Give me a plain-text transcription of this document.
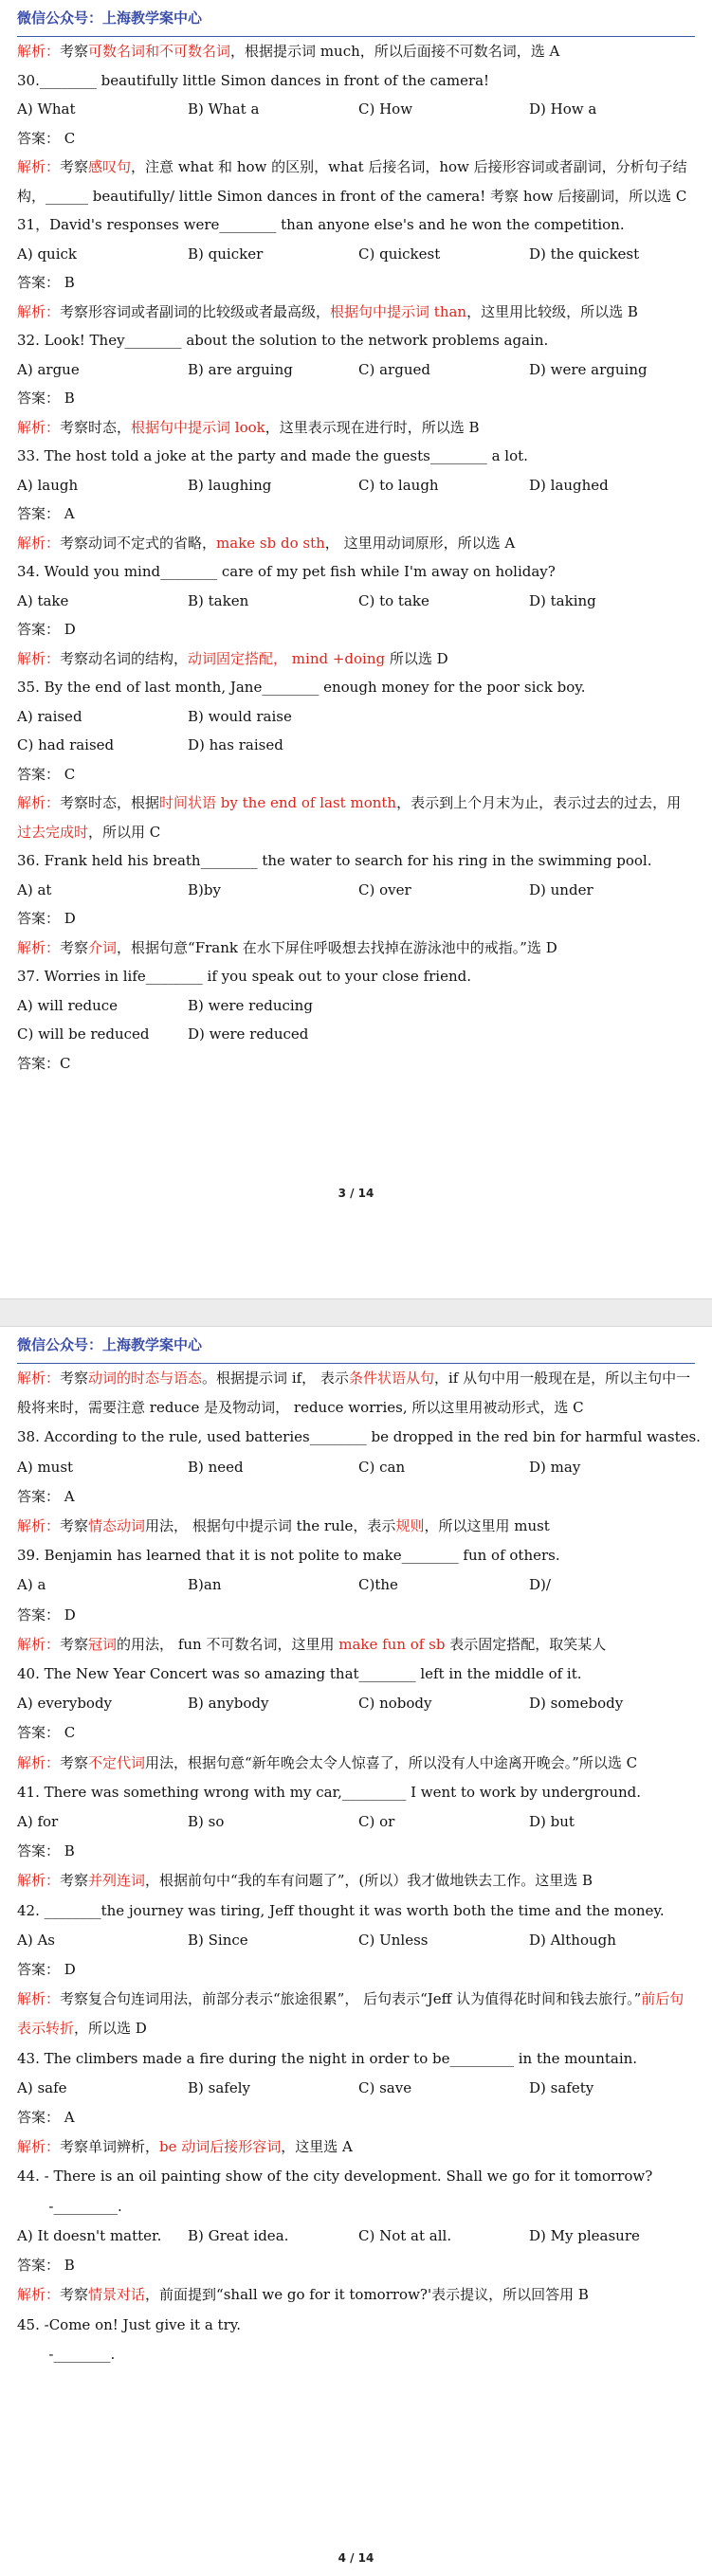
微信公众号：上海教学案中心
解析：考察可数名词和不可数名词，根据提示词 much，所以后面接不可数名词，选 A
30.________ beautifully little Simon dances in front of the camera!
A) What	B) What a	C) How	D) How a
答案： C
解析：考察感叹句，注意 what 和 how 的区别，what 后接名词，how 后接形容词或者副词，分析句子结构，______ beautifully/ little Simon dances in front of the camera! 考察 how 后接副词，所以选 C
31，David's responses were________ than anyone else's and he won the competition.
A) quick	B) quicker	C) quickest	D) the quickest
答案： B
解析：考察形容词或者副词的比较级或者最高级，根据句中提示词 than，这里用比较级，所以选 B
32. Look! They________ about the solution to the network problems again.
A) argue	B) are arguing	C) argued	D) were arguing
答案： B
解析：考察时态，根据句中提示词 look，这里表示现在进行时，所以选 B
33. The host told a joke at the party and made the guests________ a lot.
A) laugh	B) laughing	C) to laugh	D) laughed
答案： A
解析：考察动词不定式的省略，make sb do sth， 这里用动词原形，所以选 A
34. Would you mind________ care of my pet fish while I'm away on holiday?
A) take	B) taken	C) to take	D) taking
答案： D
解析：考察动名词的结构，动词固定搭配， mind +doing 所以选 D
35. By the end of last month, Jane________ enough money for the poor sick boy.
A) raised	B) would raise
C) had raised	D) has raised
答案： C
解析：考察时态，根据时间状语 by the end of last month，表示到上个月末为止，表示过去的过去，用过去完成时，所以用 C
36. Frank held his breath________ the water to search for his ring in the swimming pool.
A) at	B)by	C) over	D) under
答案： D
解析：考察介词，根据句意“Frank 在水下屏住呼吸想去找掉在游泳池中的戒指。”选 D
37. Worries in life________ if you speak out to your close friend.
A) will reduce	B) were reducing
C) will be reduced	D) were reduced
答案：C
3 / 14
微信公众号：上海教学案中心
解析：考察动词的时态与语态。根据提示词 if， 表示条件状语从句，if 从句中用一般现在是，所以主句中一般将来时，需要注意 reduce 是及物动词， reduce worries, 所以这里用被动形式，选 C
38. According to the rule, used batteries________ be dropped in the red bin for harmful wastes.
A) must	B) need	C) can	D) may
答案： A
解析：考察情态动词用法， 根据句中提示词 the rule，表示规则，所以这里用 must
39. Benjamin has learned that it is not polite to make________ fun of others.
A) a	B)an	C)the	D)/
答案： D
解析：考察冠词的用法， fun 不可数名词，这里用 make fun of sb 表示固定搭配，取笑某人
40. The New Year Concert was so amazing that________ left in the middle of it.
A) everybody	B) anybody	C) nobody	D) somebody
答案： C
解析：考察不定代词用法，根据句意“新年晚会太令人惊喜了，所以没有人中途离开晚会。”所以选 C
41. There was something wrong with my car,_________ I went to work by underground.
A) for	B) so	C) or	D) but
答案： B
解析：考察并列连词，根据前句中“我的车有问题了”，(所以）我才做地铁去工作。这里选 B
42. ________the journey was tiring, Jeff thought it was worth both the time and the money.
A) As	B) Since	C) Unless	D) Although
答案： D
解析：考察复合句连词用法，前部分表示“旅途很累”， 后句表示“Jeff 认为值得花时间和钱去旅行。”前后句表示转折，所以选 D
43. The climbers made a fire during the night in order to be_________ in the mountain.
A) safe	B) safely	C) save	D) safety
答案： A
解析：考察单词辨析，be 动词后接形容词，这里选 A
44. - There is an oil painting show of the city development. Shall we go for it tomorrow?
-_________.
A) It doesn't matter.	B) Great idea.	C) Not at all.	D) My pleasure
答案： B
解析：考察情景对话，前面提到“shall we go for it tomorrow?'表示提议，所以回答用 B
45. -Come on! Just give it a try.
-________.
4 / 14
